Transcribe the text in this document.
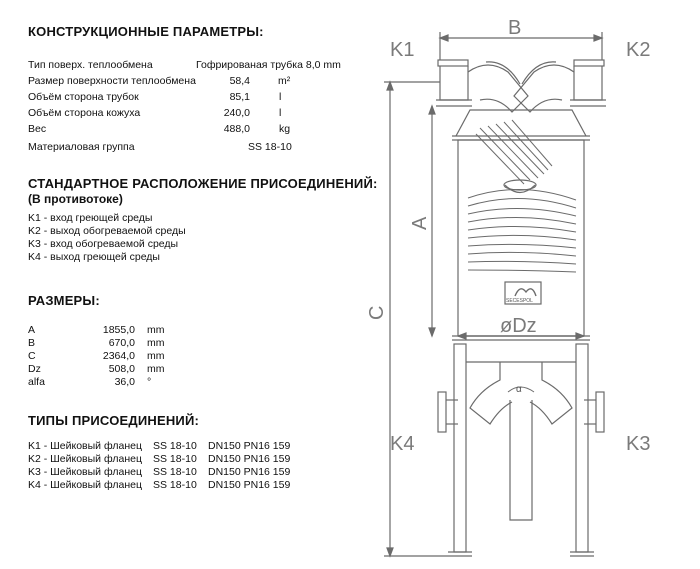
КОНСТРУКЦИОННЫЕ ПАРАМЕТРЫ:
Тип поверх. теплообмена	Гофрированая трубка 8,0 mm
Размер поверхности теплообмена	58,4	m²
Объём сторона трубок	85,1	l
Объём сторона кожуха	240,0	l
Вес	488,0	kg
Материаловая группа	SS 18-10
СТАНДАРТНОЕ РАСПОЛОЖЕНИЕ ПРИСОЕДИНЕНИЙ:
(В противотоке)
K1 - вход греющей среды
K2 - выход обогреваемой среды
K3 - вход обогреваемой среды
K4 - выход греющей среды
РАЗМЕРЫ:
A	1855,0 mm
B	670,0 mm
C	2364,0 mm
Dz	508,0 mm
alfa	36,0 °
ТИПЫ ПРИСОЕДИНЕНИЙ:
K1 - Шейковый фланец SS 18-10 DN150 PN16 159
K2 - Шейковый фланец SS 18-10 DN150 PN16 159
K3 - Шейковый фланец SS 18-10 DN150 PN16 159
K4 - Шейковый фланец SS 18-10 DN150 PN16 159
B
K1	K2
K4	K3
øDz
A
C
α
SECESPOL
